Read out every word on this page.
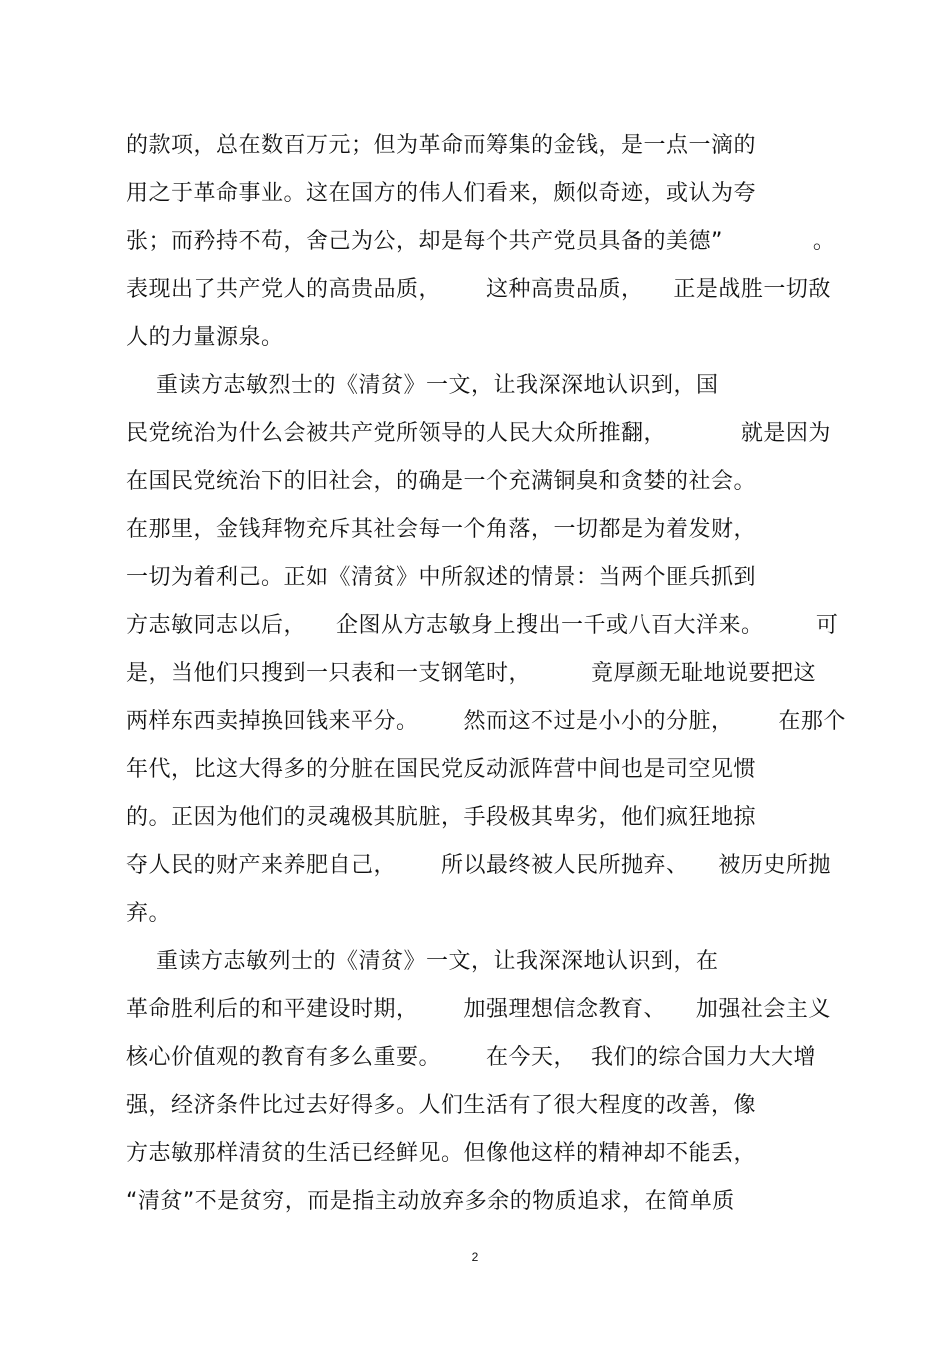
的款项，总在数百万元；但为革命而筹集的金钱，是一点一滴的
用之于革命事业。这在国方的伟人们看来，颇似奇迹，或认为夸
张；而矜持不苟，舍己为公，却是每个共产党员具备的美德”            。
表现出了共产党人的高贵品质，      这种高贵品质，    正是战胜一切敌
人的力量源泉。
重读方志敏烈士的《清贫》一文，让我深深地认识到，国
民党统治为什么会被共产党所领导的人民大众所推翻，          就是因为
在国民党统治下的旧社会，的确是一个充满铜臭和贪婪的社会。
在那里，金钱拜物充斥其社会每一个角落，一切都是为着发财，
一切为着利己。正如《清贫》中所叙述的情景：当两个匪兵抓到
方志敏同志以后，    企图从方志敏身上搜出一千或八百大洋来。       可
是，当他们只搜到一只表和一支钢笔时，        竟厚颜无耻地说要把这
两样东西卖掉换回钱来平分。      然而这不过是小小的分脏，      在那个
年代，比这大得多的分脏在国民党反动派阵营中间也是司空见惯
的。正因为他们的灵魂极其肮脏，手段极其卑劣，他们疯狂地掠
夺人民的财产来养肥自己，      所以最终被人民所抛弃、    被历史所抛
弃。
重读方志敏列士的《清贫》一文，让我深深地认识到，在
革命胜利后的和平建设时期，      加强理想信念教育、    加强社会主义
核心价值观的教育有多么重要。      在今天，  我们的综合国力大大增
强，经济条件比过去好得多。人们生活有了很大程度的改善，像
方志敏那样清贫的生活已经鲜见。但像他这样的精神却不能丢，
“清贫”不是贫穷，而是指主动放弃多余的物质追求，在简单质
2
